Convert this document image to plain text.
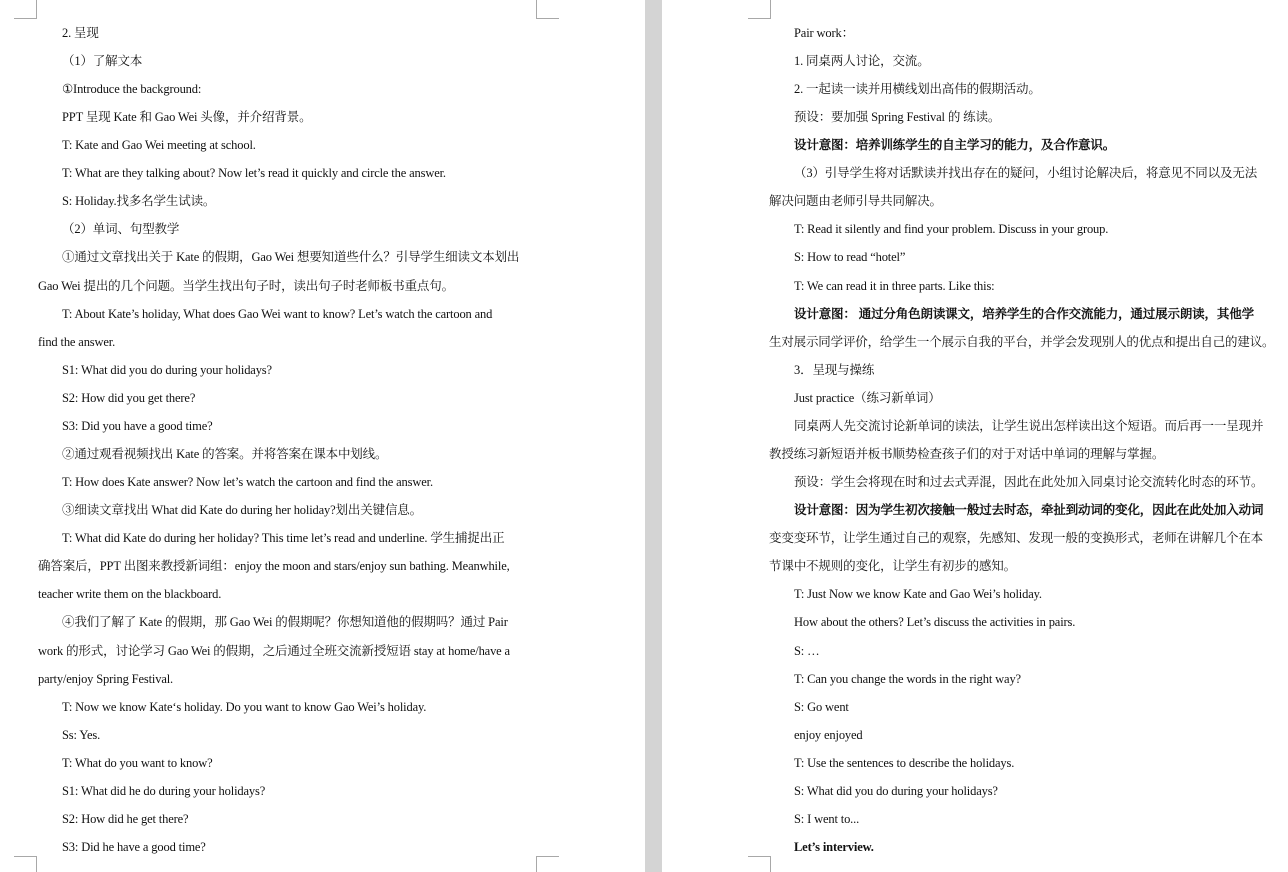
2. 呈现
（1）了解文本
①Introduce the background:
PPT 呈现 Kate 和 Gao Wei 头像，并介绍背景。
T: Kate and Gao Wei meeting at school.
T: What are they talking about? Now let’s read it quickly and circle the answer.
S: Holiday.找多名学生试读。
（2）单词、句型教学
①通过文章找出关于 Kate 的假期，Gao Wei 想要知道些什么？引导学生细读文本划出
Gao Wei 提出的几个问题。当学生找出句子时，读出句子时老师板书重点句。
T: About Kate’s holiday, What does Gao Wei want to know? Let’s watch the cartoon and
find the answer.
S1: What did you do during your holidays?
S2: How did you get there?
S3: Did you have a good time?
②通过观看视频找出 Kate 的答案。并将答案在课本中划线。
T: How does Kate answer? Now let’s watch the cartoon and find the answer.
③细读文章找出 What did Kate do during her holiday?划出关键信息。
T: What did Kate do during her holiday? This time let’s read and underline. 学生捕捉出正
确答案后，PPT 出图来教授新词组：enjoy the moon and stars/enjoy sun bathing. Meanwhile,
teacher write them on the blackboard.
④我们了解了 Kate 的假期，那 Gao Wei 的假期呢？你想知道他的假期吗？通过 Pair
work 的形式，讨论学习 Gao Wei 的假期，之后通过全班交流新授短语 stay at home/have a
party/enjoy Spring Festival.
T: Now we know Kate‘s holiday. Do you want to know Gao Wei’s holiday.
Ss: Yes.
T: What do you want to know?
S1: What did he do during your holidays?
S2: How did he get there?
S3: Did he have a good time?
Pair work：
1. 同桌两人讨论，交流。
2. 一起读一读并用横线划出高伟的假期活动。
预设：要加强 Spring Festival 的 练读。
设计意图：培养训练学生的自主学习的能力，及合作意识。
（3）引导学生将对话默读并找出存在的疑问，小组讨论解决后，将意见不同以及无法
解决问题由老师引导共同解决。
T: Read it silently and find your problem. Discuss in your group.
S: How to read “hotel”
T: We can read it in three parts. Like this:
设计意图： 通过分角色朗读课文，培养学生的合作交流能力，通过展示朗读，其他学
生对展示同学评价，给学生一个展示自我的平台，并学会发现别人的优点和提出自己的建议。
3．呈现与操练
Just practice（练习新单词）
同桌两人先交流讨论新单词的读法，让学生说出怎样读出这个短语。而后再一一呈现并
教授练习新短语并板书顺势检查孩子们的对于对话中单词的理解与掌握。
预设：学生会将现在时和过去式弄混，因此在此处加入同桌讨论交流转化时态的环节。
设计意图：因为学生初次接触一般过去时态，牵扯到动词的变化，因此在此处加入动词
变变变环节，让学生通过自己的观察，先感知、发现一般的变换形式，老师在讲解几个在本
节课中不规则的变化，让学生有初步的感知。
T: Just Now we know Kate and Gao Wei’s holiday.
How about the others? Let’s discuss the activities in pairs.
S: …
T: Can you change the words in the right way?
S: Go went
enjoy enjoyed
T: Use the sentences to describe the holidays.
S: What did you do during your holidays?
S: I went to...
Let’s interview.
